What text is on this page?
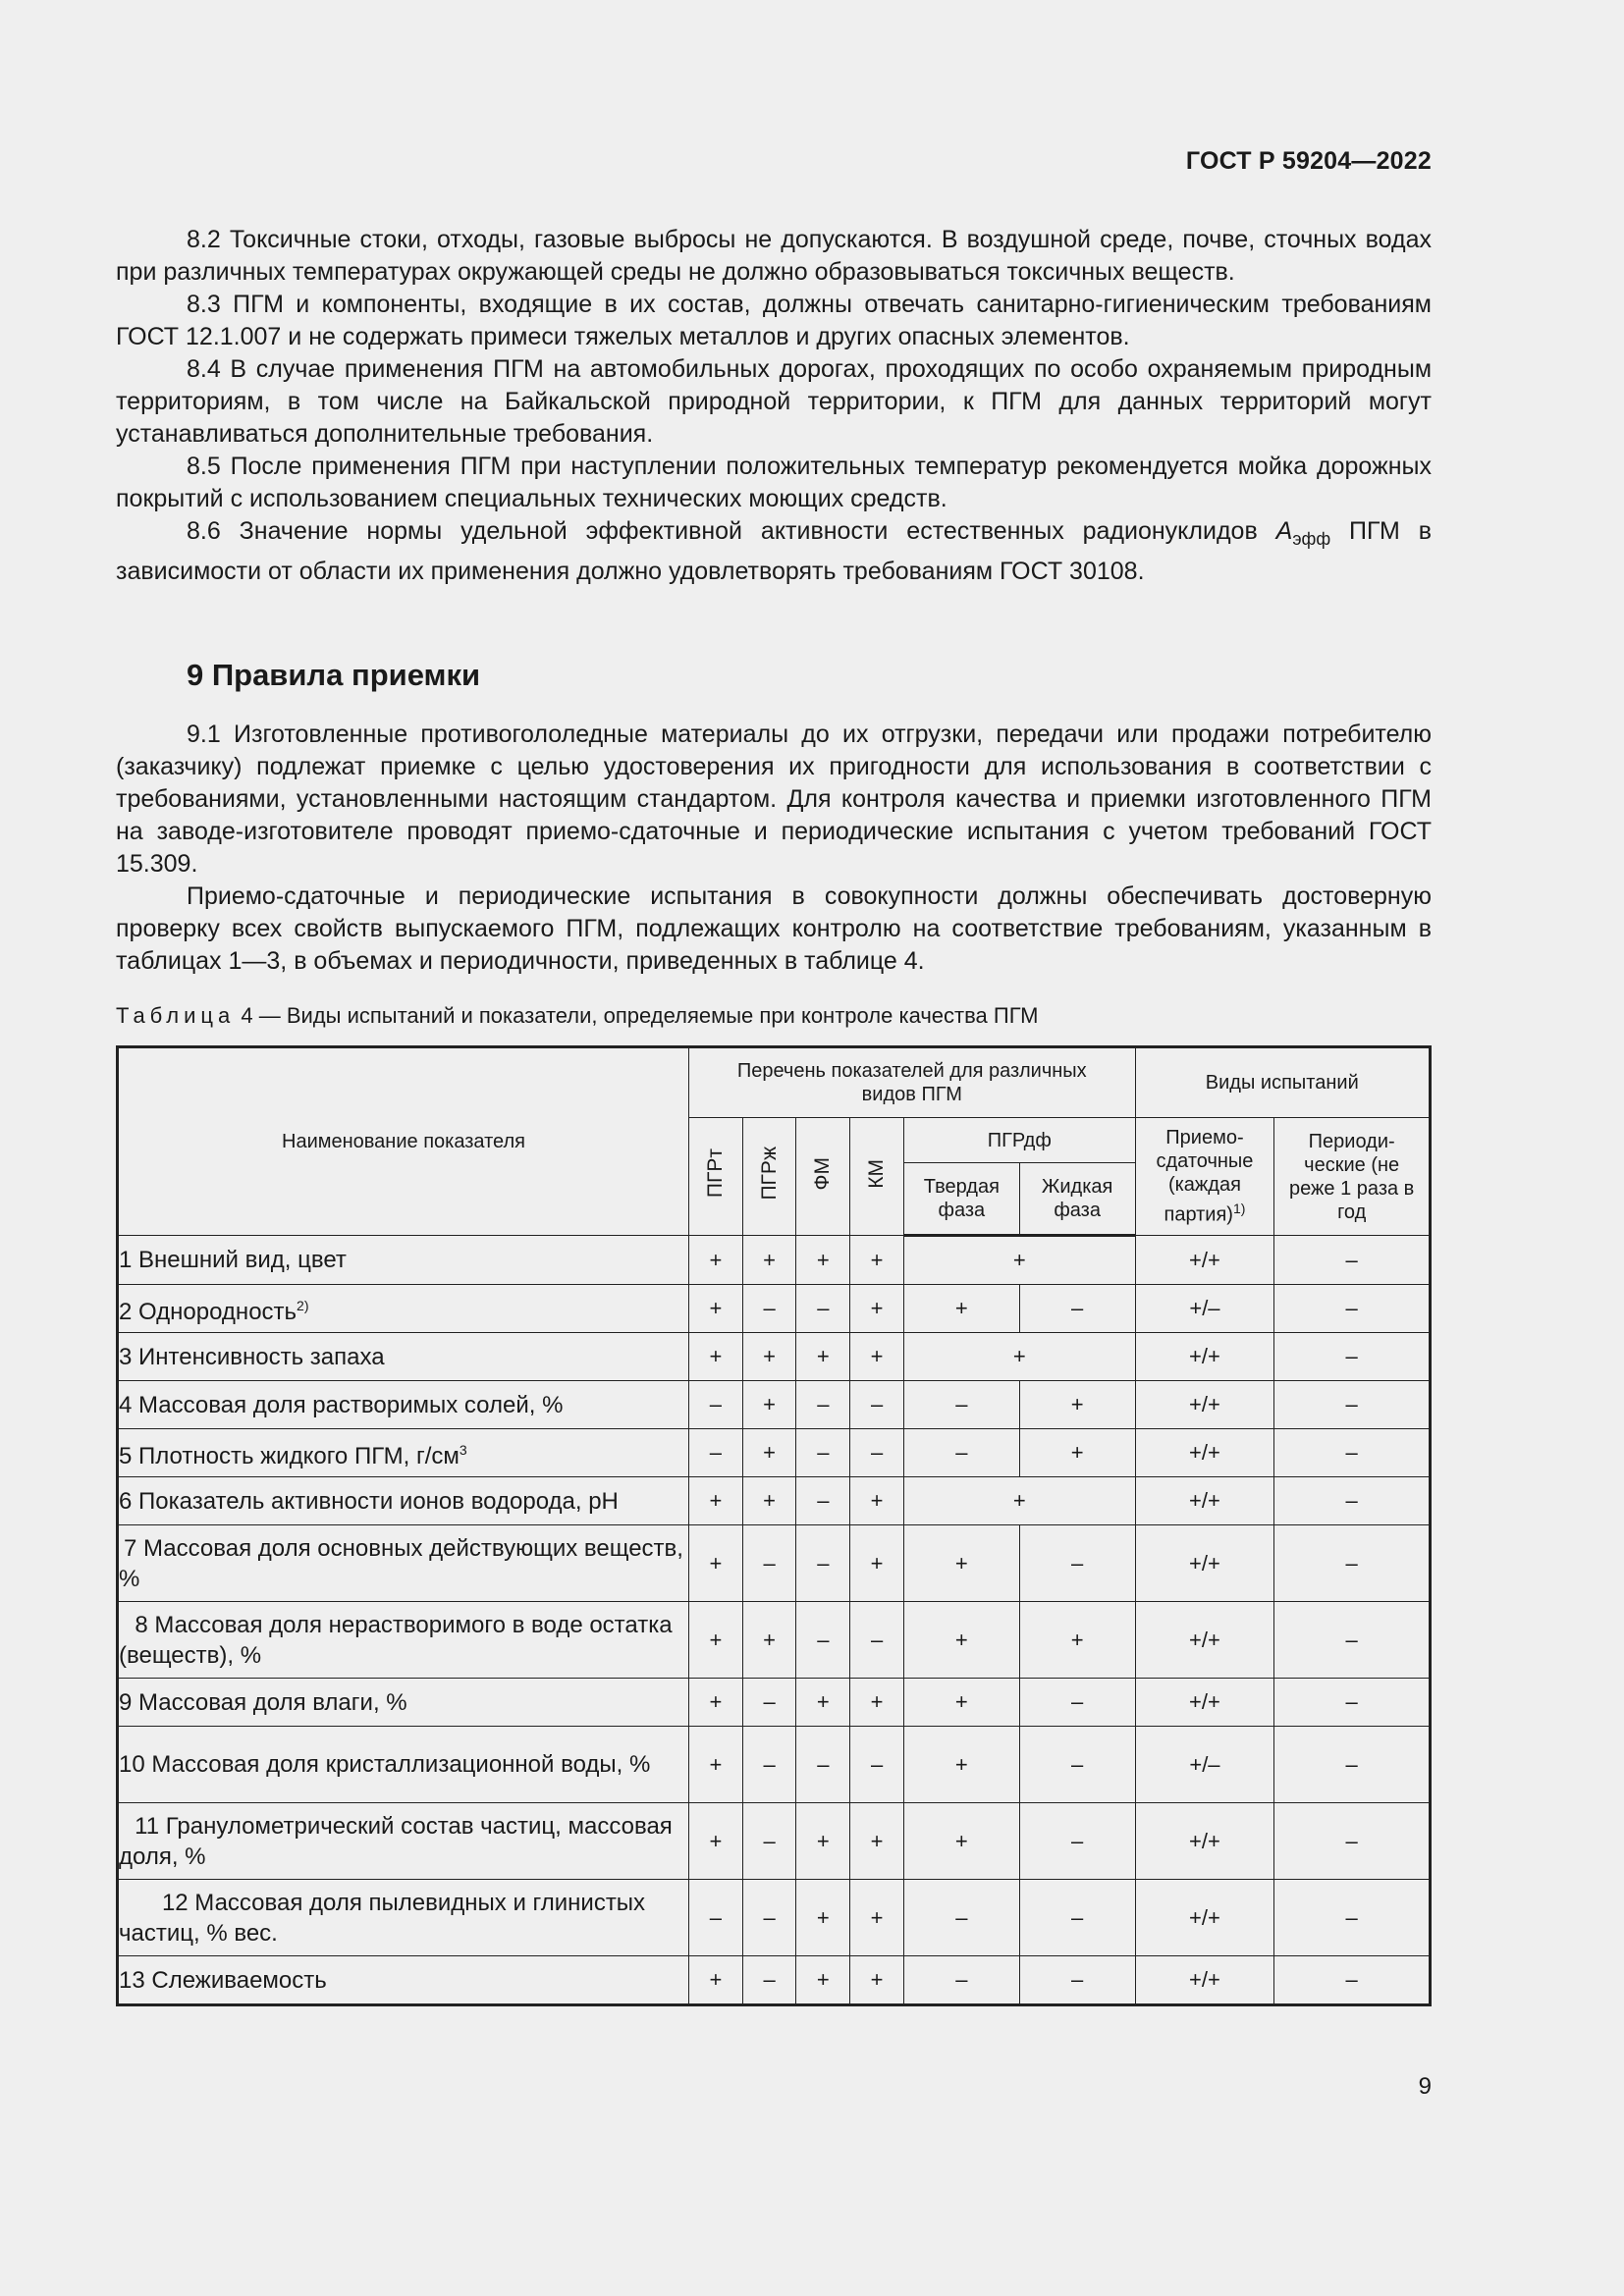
ГОСТ Р 59204—2022

8.2 Токсичные стоки, отходы, газовые выбросы не допускаются. В воздушной среде, почве, сточных водах при различных температурах окружающей среды не должно образовываться токсичных веществ.

8.3 ПГМ и компоненты, входящие в их состав, должны отвечать санитарно-гигиеническим требованиям ГОСТ 12.1.007 и не содержать примеси тяжелых металлов и других опасных элементов.

8.4 В случае применения ПГМ на автомобильных дорогах, проходящих по особо охраняемым природным территориям, в том числе на Байкальской природной территории, к ПГМ для данных территорий могут устанавливаться дополнительные требования.

8.5 После применения ПГМ при наступлении положительных температур рекомендуется мойка дорожных покрытий с использованием специальных технических моющих средств.

8.6 Значение нормы удельной эффективной активности естественных радионуклидов $A_{эфф}$ ПГМ в зависимости от области их применения должно удовлетворять требованиям ГОСТ 30108.

9 Правила приемки

9.1 Изготовленные противогололедные материалы до их отгрузки, передачи или продажи потребителю (заказчику) подлежат приемке с целью удостоверения их пригодности для использования в соответствии с требованиями, установленными настоящим стандартом. Для контроля качества и приемки изготовленного ПГМ на заводе-изготовителе проводят приемо-сдаточные и периодические испытания с учетом требований ГОСТ 15.309.

Приемо-сдаточные и периодические испытания в совокупности должны обеспечивать достоверную проверку всех свойств выпускаемого ПГМ, подлежащих контролю на соответствие требованиям, указанным в таблицах 1—3, в объемах и периодичности, приведенных в таблице 4.

Таблица 4 — Виды испытаний и показатели, определяемые при контроле качества ПГМ
Наименование показателя	Перечень показателей для различных видов ПГМ						Виды испытаний	
	ПГРт	ПГРж	ФМ	КМ	ПГРдф		Приемо-сдаточные (каждая партия)$^{1)}$	Периоди-ческие (не реже 1 раза в год
					Твердая фаза	Жидкая фаза		
1 Внешний вид, цвет	+	+	+	+	+		+/+	–
2 Однородность$^{2)}$	+	–	–	+	+	–	+/–	–
3 Интенсивность запаха	+	+	+	+	+		+/+	–
4 Массовая доля растворимых солей, %	–	+	–	–	–	+	+/+	–
5 Плотность жидкого ПГМ, $г/см^3$	–	+	–	–	–	+	+/+	–
6 Показатель активности ионов водорода, pH	+	+	–	+	+		+/+	–
7 Массовая доля основных действующих веществ, %	+	–	–	+	+	–	+/+	–
8 Массовая доля нерастворимого в воде остатка (веществ), %	+	+	–	–	+	+	+/+	–
9 Массовая доля влаги, %	+	–	+	+	+	–	+/+	–
10 Массовая доля кристаллизационной воды, %	+	–	–	–	+	–	+/–	–
11 Гранулометрический состав частиц, массовая доля, %	+	–	+	+	+	–	+/+	–
12 Массовая доля пылевидных и глинистых частиц, % вес.	–	–	+	+	–	–	+/+	–
13 Слеживаемость	+	–	+	+	–	–	+/+	–
9
